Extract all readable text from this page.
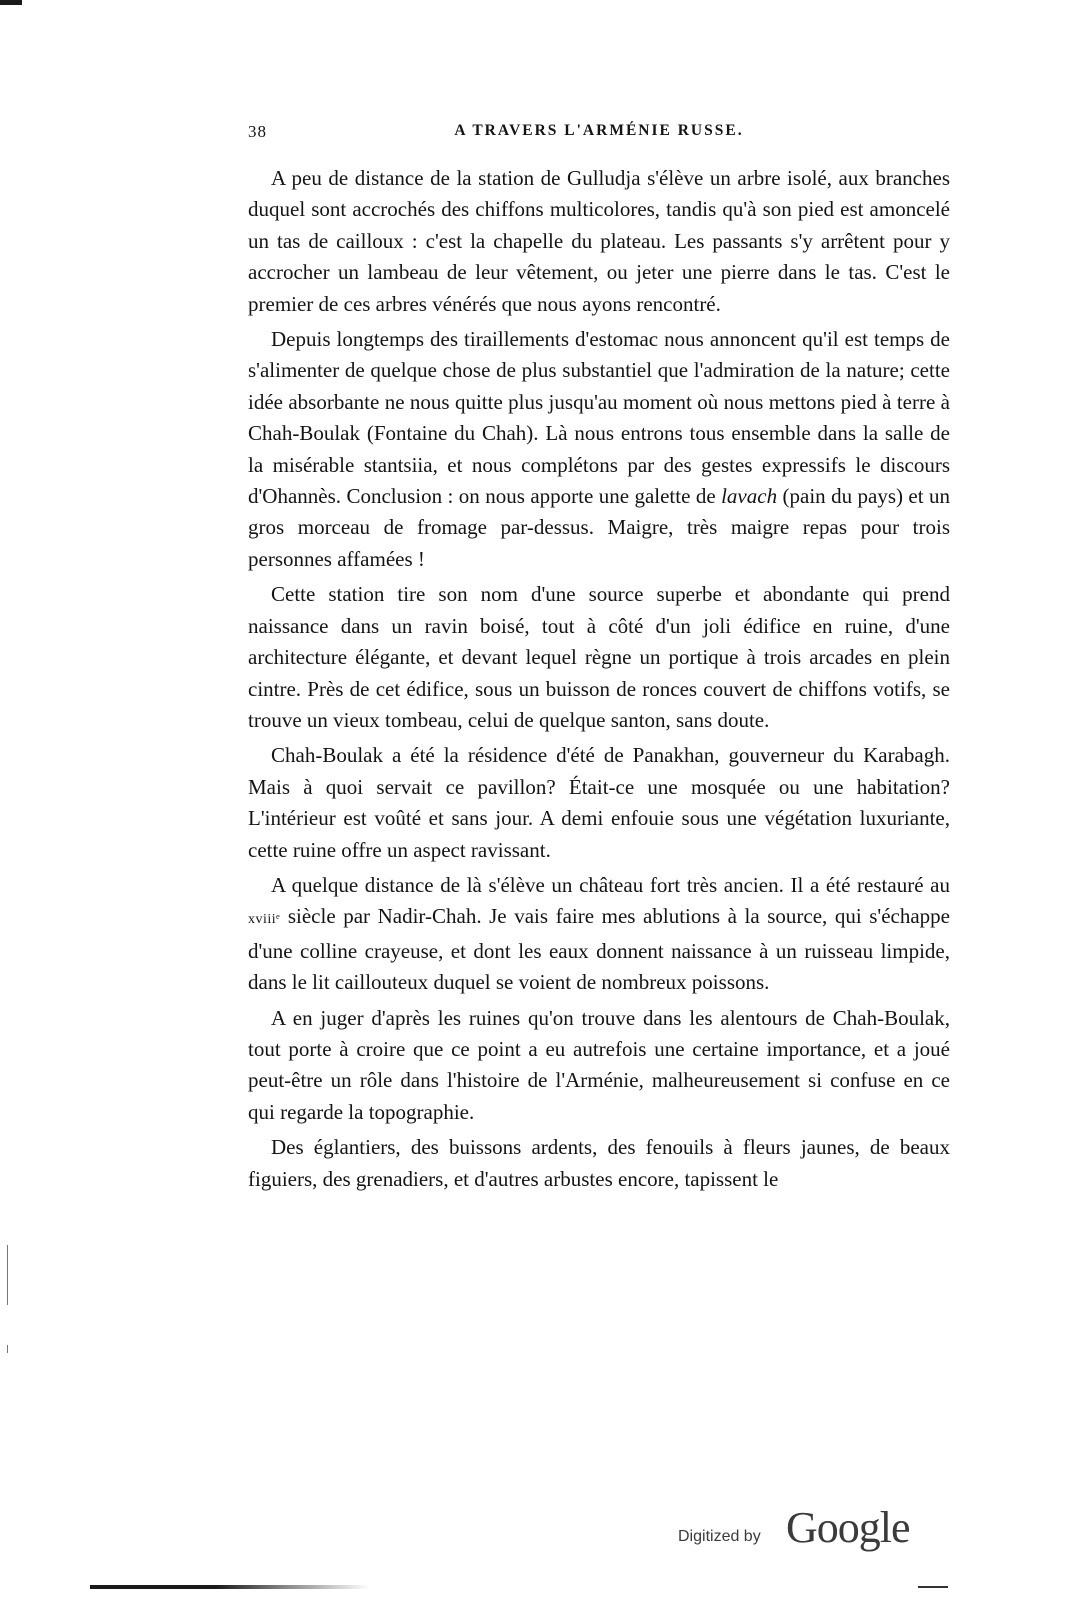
38	A TRAVERS L'ARMÉNIE RUSSE.

A peu de distance de la station de Gulludja s'élève un arbre isolé, aux branches duquel sont accrochés des chiffons multicolores, tandis qu'à son pied est amoncelé un tas de cailloux : c'est la chapelle du plateau. Les passants s'y arrêtent pour y accrocher un lambeau de leur vêtement, ou jeter une pierre dans le tas. C'est le premier de ces arbres vénérés que nous ayons rencontré.

Depuis longtemps des tiraillements d'estomac nous annoncent qu'il est temps de s'alimenter de quelque chose de plus substantiel que l'admiration de la nature; cette idée absorbante ne nous quitte plus jusqu'au moment où nous mettons pied à terre à Chah-Boulak (Fontaine du Chah). Là nous entrons tous ensemble dans la salle de la misérable stantsiia, et nous complétons par des gestes expressifs le discours d'Ohannès. Conclusion : on nous apporte une galette de lavach (pain du pays) et un gros morceau de fromage par-dessus. Maigre, très maigre repas pour trois personnes affamées !

Cette station tire son nom d'une source superbe et abondante qui prend naissance dans un ravin boisé, tout à côté d'un joli édifice en ruine, d'une architecture élégante, et devant lequel règne un portique à trois arcades en plein cintre. Près de cet édifice, sous un buisson de ronces couvert de chiffons votifs, se trouve un vieux tombeau, celui de quelque santon, sans doute.

Chah-Boulak a été la résidence d'été de Panakhan, gouverneur du Karabagh. Mais à quoi servait ce pavillon? Était-ce une mosquée ou une habitation? L'intérieur est voûté et sans jour. A demi enfouie sous une végétation luxuriante, cette ruine offre un aspect ravissant.

A quelque distance de là s'élève un château fort très ancien. Il a été restauré au xviiiᵉ siècle par Nadir-Chah. Je vais faire mes ablutions à la source, qui s'échappe d'une colline crayeuse, et dont les eaux donnent naissance à un ruisseau limpide, dans le lit caillouteux duquel se voient de nombreux poissons.

A en juger d'après les ruines qu'on trouve dans les alentours de Chah-Boulak, tout porte à croire que ce point a eu autrefois une certaine importance, et a joué peut-être un rôle dans l'histoire de l'Arménie, malheureusement si confuse en ce qui regarde la topographie.

Des églantiers, des buissons ardents, des fenouils à fleurs jaunes, de beaux figuiers, des grenadiers, et d'autres arbustes encore, tapissent le

Digitized by Google
